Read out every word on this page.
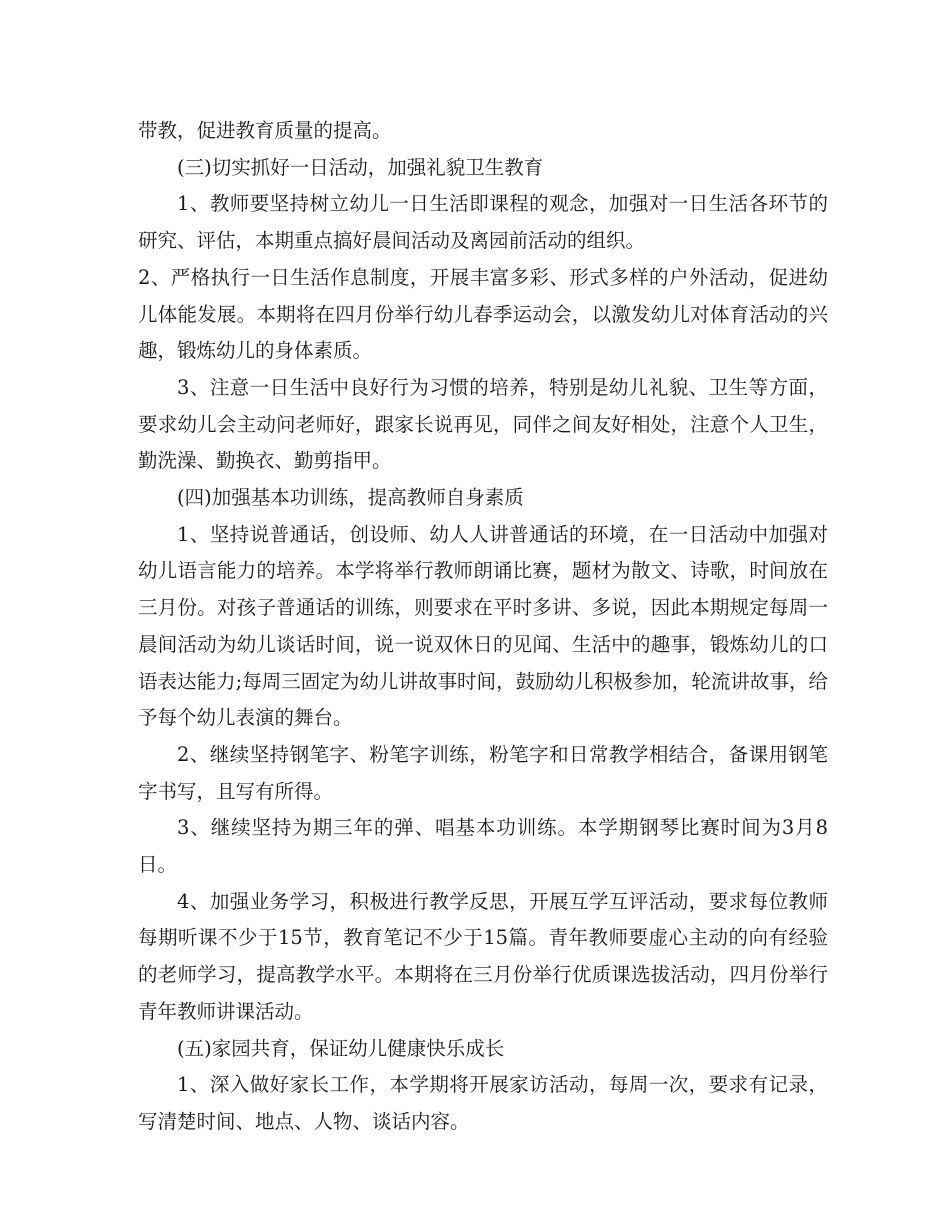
带教，促进教育质量的提高。

(三)切实抓好一日活动，加强礼貌卫生教育

1、教师要坚持树立幼儿一日生活即课程的观念，加强对一日生活各环节的研究、评估，本期重点搞好晨间活动及离园前活动的组织。

2、严格执行一日生活作息制度，开展丰富多彩、形式多样的户外活动，促进幼儿体能发展。本期将在四月份举行幼儿春季运动会，以激发幼儿对体育活动的兴趣，锻炼幼儿的身体素质。

3、注意一日生活中良好行为习惯的培养，特别是幼儿礼貌、卫生等方面，要求幼儿会主动问老师好，跟家长说再见，同伴之间友好相处，注意个人卫生，勤洗澡、勤换衣、勤剪指甲。

(四)加强基本功训练，提高教师自身素质

1、坚持说普通话，创设师、幼人人讲普通话的环境，在一日活动中加强对幼儿语言能力的培养。本学将举行教师朗诵比赛，题材为散文、诗歌，时间放在三月份。对孩子普通话的训练，则要求在平时多讲、多说，因此本期规定每周一晨间活动为幼儿谈话时间，说一说双休日的见闻、生活中的趣事，锻炼幼儿的口语表达能力;每周三固定为幼儿讲故事时间，鼓励幼儿积极参加，轮流讲故事，给予每个幼儿表演的舞台。

2、继续坚持钢笔字、粉笔字训练，粉笔字和日常教学相结合，备课用钢笔字书写，且写有所得。

3、继续坚持为期三年的弹、唱基本功训练。本学期钢琴比赛时间为3月8日。

4、加强业务学习，积极进行教学反思，开展互学互评活动，要求每位教师每期听课不少于15节，教育笔记不少于15篇。青年教师要虚心主动的向有经验的老师学习，提高教学水平。本期将在三月份举行优质课选拔活动，四月份举行青年教师讲课活动。

(五)家园共育，保证幼儿健康快乐成长

1、深入做好家长工作，本学期将开展家访活动，每周一次，要求有记录，写清楚时间、地点、人物、谈话内容。
